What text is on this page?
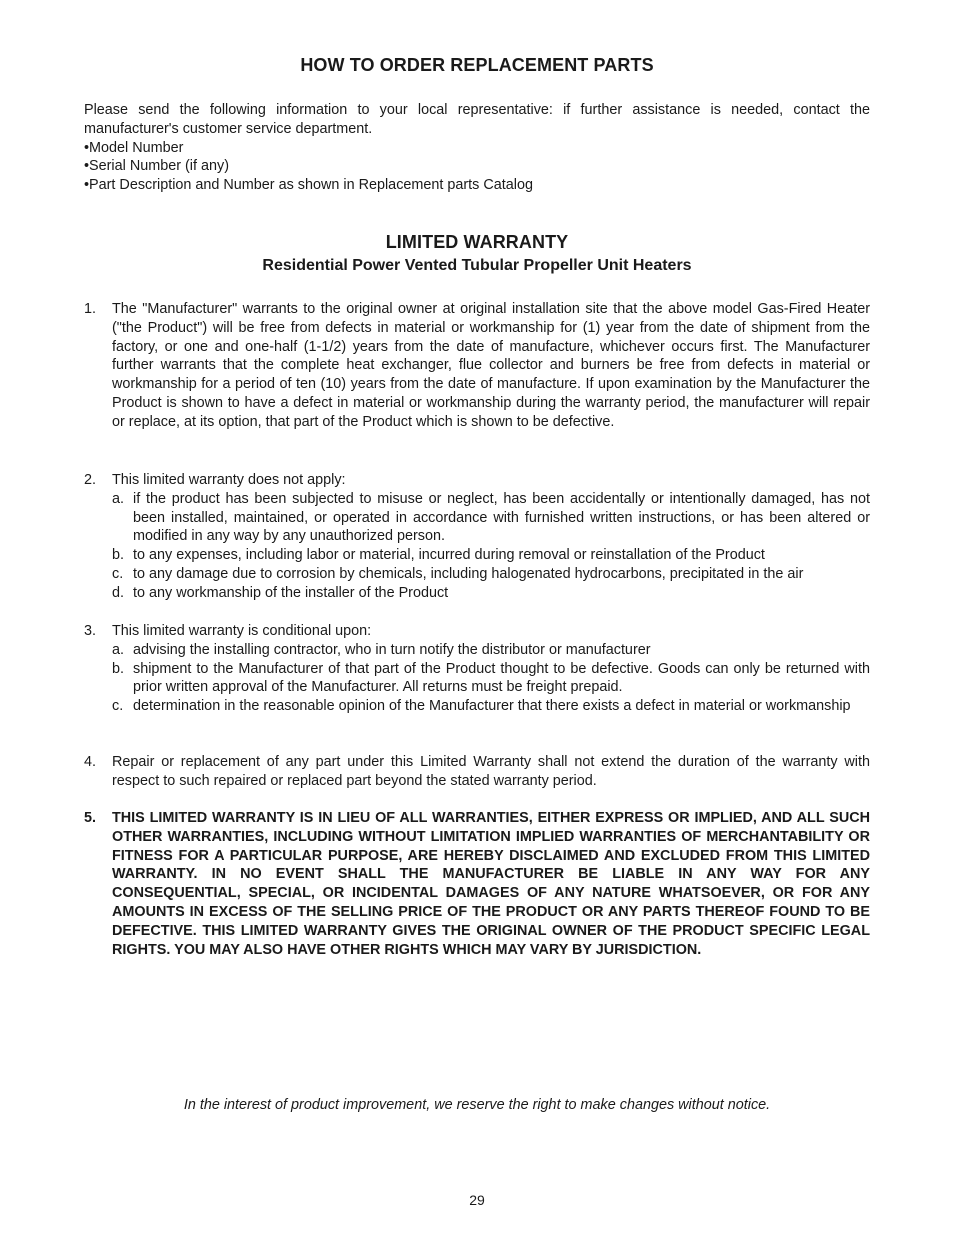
HOW TO ORDER REPLACEMENT PARTS

Please send the following information to your local representative: if further assistance is needed, contact the manufacturer's customer service department.

•Model Number
•Serial Number (if any)
•Part Description and Number as shown in Replacement parts Catalog
LIMITED WARRANTY
Residential Power Vented Tubular Propeller Unit Heaters
1. The "Manufacturer" warrants to the original owner at original installation site that the above model Gas-Fired Heater ("the Product") will be free from defects in material or workmanship for (1) year from the date of shipment from the factory, or one and one-half (1-1/2) years from the date of manufacture, whichever occurs first. The Manufacturer further warrants that the complete heat exchanger, flue collector and burners be free from defects in material or workmanship for a period of ten (10) years from the date of manufacture. If upon examination by the Manufacturer the Product is shown to have a defect in material or workmanship during the warranty period, the manufacturer will repair or replace, at its option, that part of the Product which is shown to be defective.

2. This limited warranty does not apply:

a. if the product has been subjected to misuse or neglect, has been accidentally or intentionally damaged, has not been installed, maintained, or operated in accordance with furnished written instructions, or has been altered or modified in any way by any unauthorized person.
b. to any expenses, including labor or material, incurred during removal or reinstallation of the Product
c. to any damage due to corrosion by chemicals, including halogenated hydrocarbons, precipitated in the air
d. to any workmanship of the installer of the Product
3. This limited warranty is conditional upon:

a. advising the installing contractor, who in turn notify the distributor or manufacturer
b. shipment to the Manufacturer of that part of the Product thought to be defective. Goods can only be returned with prior written approval of the Manufacturer. All returns must be freight prepaid.
c. determination in the reasonable opinion of the Manufacturer that there exists a defect in material or workmanship
4. Repair or replacement of any part under this Limited Warranty shall not extend the duration of the warranty with respect to such repaired or replaced part beyond the stated warranty period.

5. THIS LIMITED WARRANTY IS IN LIEU OF ALL WARRANTIES, EITHER EXPRESS OR IMPLIED, AND ALL SUCH OTHER WARRANTIES, INCLUDING WITHOUT LIMITATION IMPLIED WARRANTIES OF MERCHANTABILITY OR FITNESS FOR A PARTICULAR PURPOSE, ARE HEREBY DISCLAIMED AND EXCLUDED FROM THIS LIMITED WARRANTY. IN NO EVENT SHALL THE MANUFACTURER BE LIABLE IN ANY WAY FOR ANY CONSEQUENTIAL, SPECIAL, OR INCIDENTAL DAMAGES OF ANY NATURE WHATSOEVER, OR FOR ANY AMOUNTS IN EXCESS OF THE SELLING PRICE OF THE PRODUCT OR ANY PARTS THEREOF FOUND TO BE DEFECTIVE. THIS LIMITED WARRANTY GIVES THE ORIGINAL OWNER OF THE PRODUCT SPECIFIC LEGAL RIGHTS. YOU MAY ALSO HAVE OTHER RIGHTS WHICH MAY VARY BY JURISDICTION.

In the interest of product improvement, we reserve the right to make changes without notice.
29
